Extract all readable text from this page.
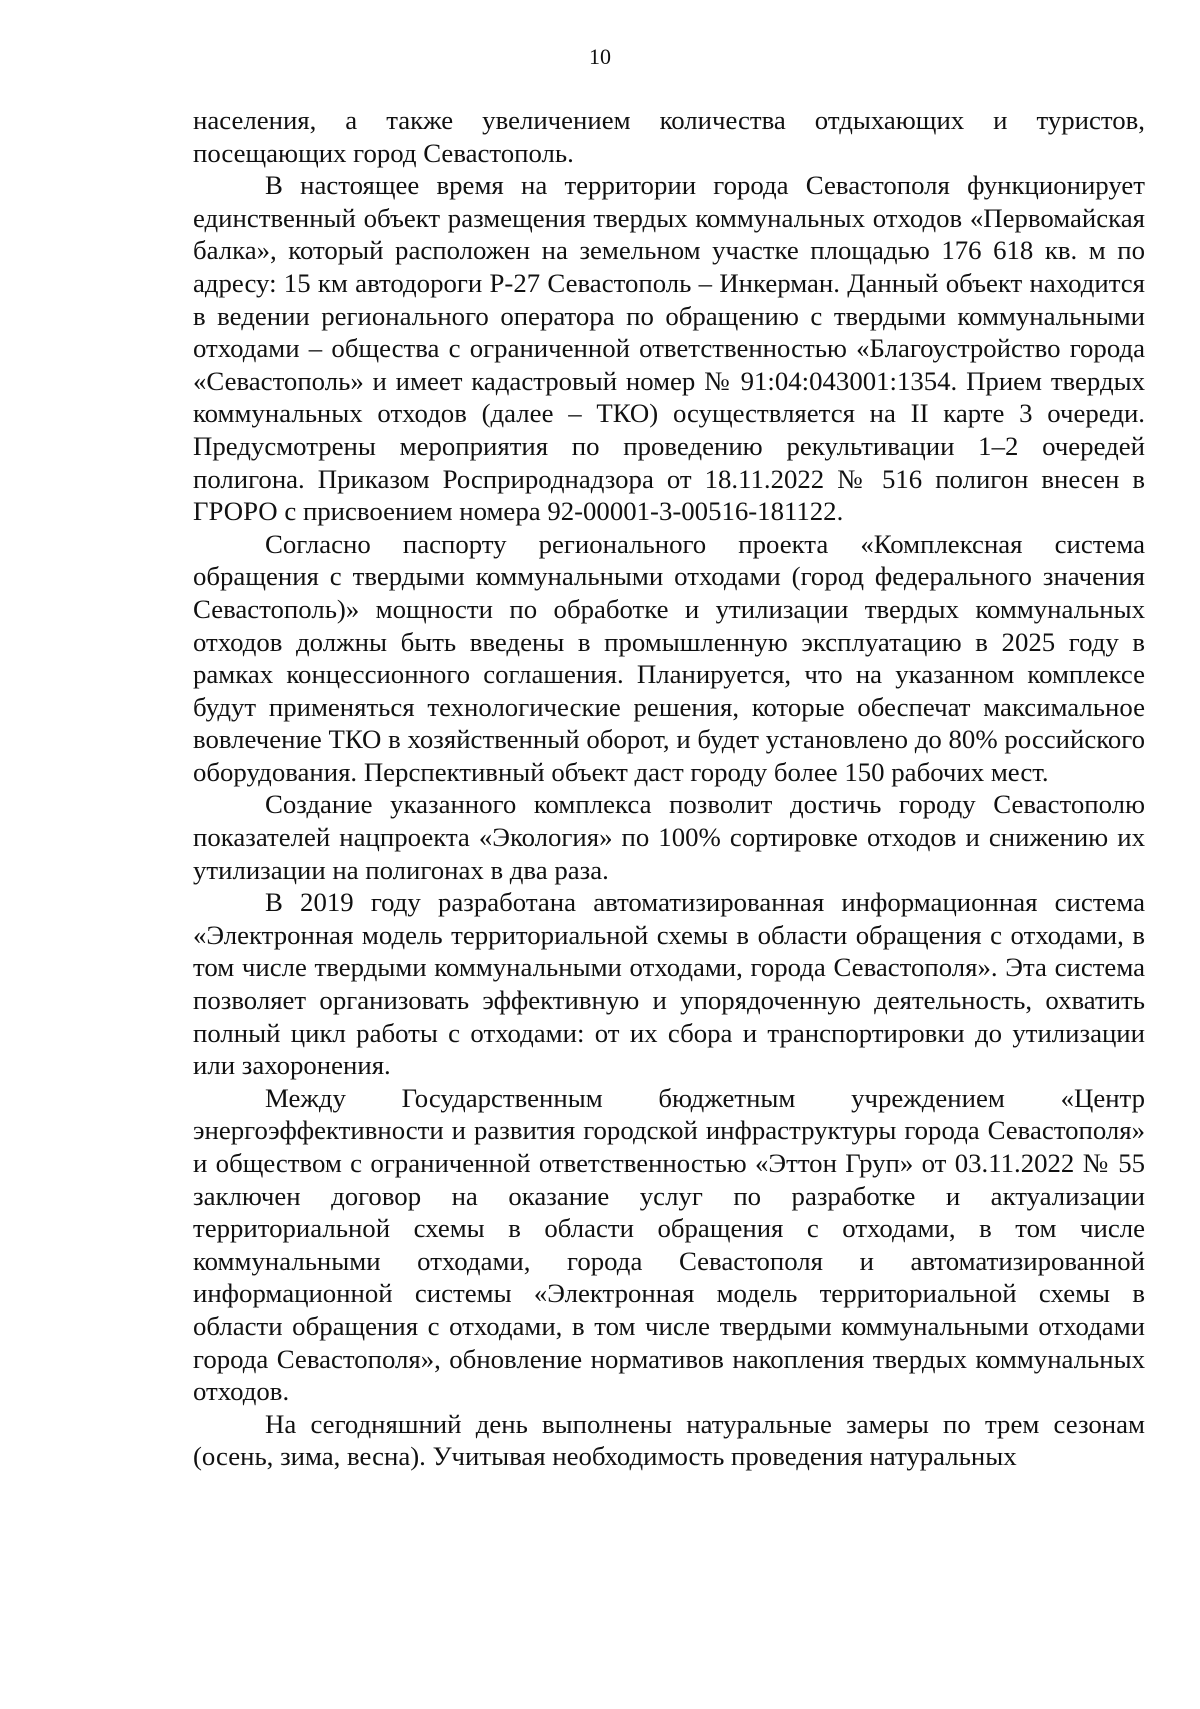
10

населения, а также увеличением количества отдыхающих и туристов, посещающих город Севастополь.

В настоящее время на территории города Севастополя функционирует единственный объект размещения твердых коммунальных отходов «Первомайская балка», который расположен на земельном участке площадью 176 618 кв. м по адресу: 15 км автодороги Р-27 Севастополь – Инкерман. Данный объект находится в ведении регионального оператора по обращению с твердыми коммунальными отходами – общества с ограниченной ответственностью «Благоустройство города «Севастополь» и имеет кадастровый номер № 91:04:043001:1354. Прием твердых коммунальных отходов (далее – ТКО) осуществляется на II карте 3 очереди. Предусмотрены мероприятия по проведению рекультивации 1–2 очередей полигона. Приказом Росприроднадзора от 18.11.2022 № 516 полигон внесен в ГРОРО с присвоением номера 92-00001-3-00516-181122.

Согласно паспорту регионального проекта «Комплексная система обращения с твердыми коммунальными отходами (город федерального значения Севастополь)» мощности по обработке и утилизации твердых коммунальных отходов должны быть введены в промышленную эксплуатацию в 2025 году в рамках концессионного соглашения. Планируется, что на указанном комплексе будут применяться технологические решения, которые обеспечат максимальное вовлечение ТКО в хозяйственный оборот, и будет установлено до 80% российского оборудования. Перспективный объект даст городу более 150 рабочих мест.

Создание указанного комплекса позволит достичь городу Севастополю показателей нацпроекта «Экология» по 100% сортировке отходов и снижению их утилизации на полигонах в два раза.

В 2019 году разработана автоматизированная информационная система «Электронная модель территориальной схемы в области обращения с отходами, в том числе твердыми коммунальными отходами, города Севастополя». Эта система позволяет организовать эффективную и упорядоченную деятельность, охватить полный цикл работы с отходами: от их сбора и транспортировки до утилизации или захоронения.

Между Государственным бюджетным учреждением «Центр энергоэффективности и развития городской инфраструктуры города Севастополя» и обществом с ограниченной ответственностью «Эттон Груп» от 03.11.2022 № 55 заключен договор на оказание услуг по разработке и актуализации территориальной схемы в области обращения с отходами, в том числе коммунальными отходами, города Севастополя и автоматизированной информационной системы «Электронная модель территориальной схемы в области обращения с отходами, в том числе твердыми коммунальными отходами города Севастополя», обновление нормативов накопления твердых коммунальных отходов.

На сегодняшний день выполнены натуральные замеры по трем сезонам (осень, зима, весна). Учитывая необходимость проведения натуральных
